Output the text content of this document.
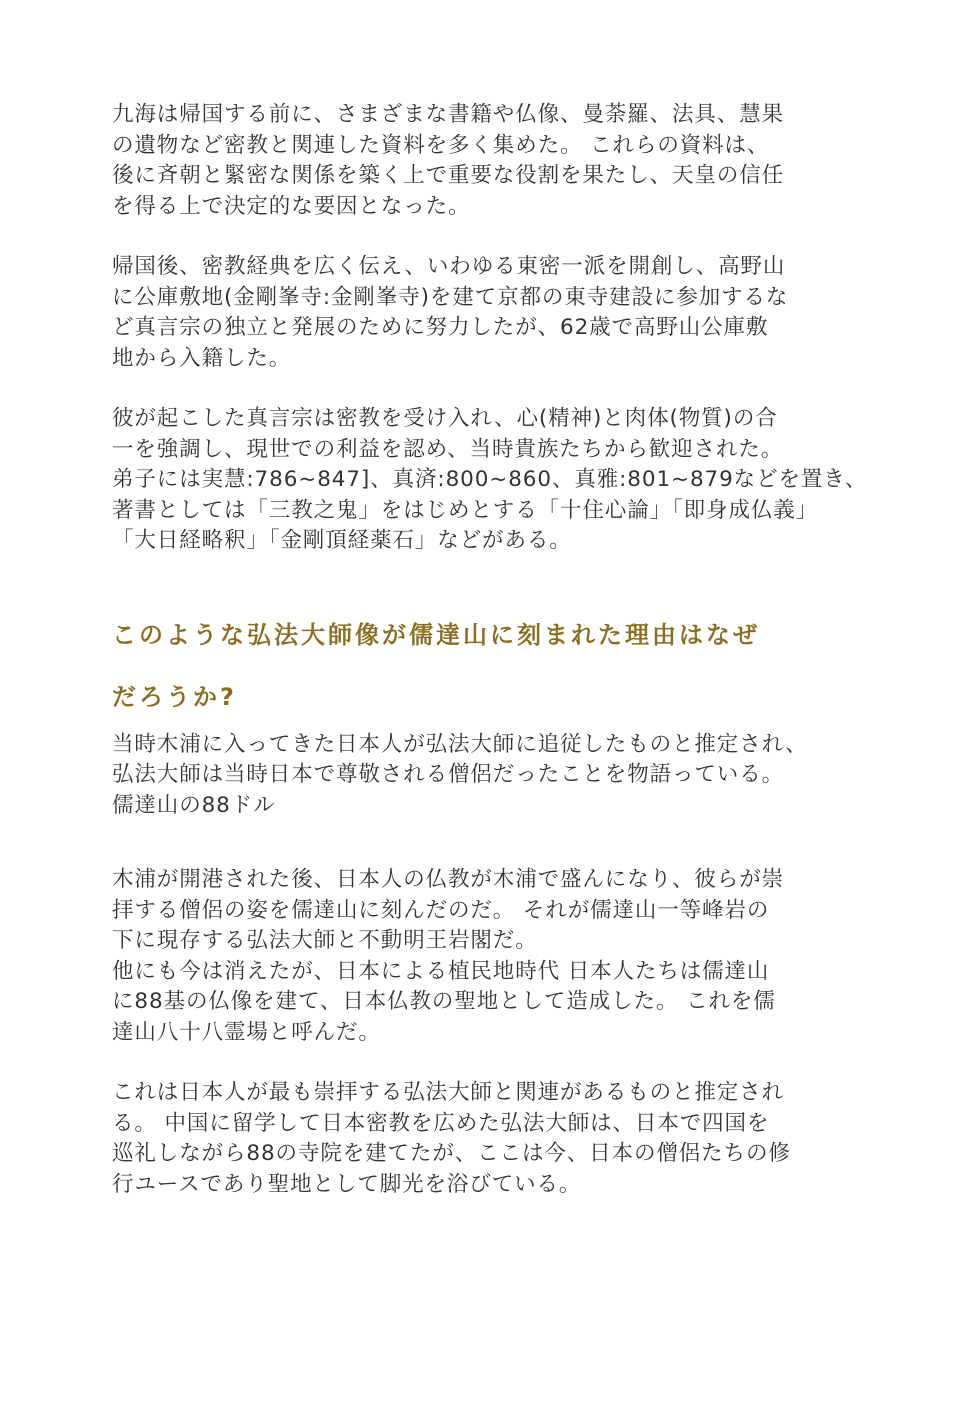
九海は帰国する前に、さまざまな書籍や仏像、曼荼羅、法具、慧果
の遺物など密教と関連した資料を多く集めた。 これらの資料は、
後に斉朝と緊密な関係を築く上で重要な役割を果たし、天皇の信任
を得る上で決定的な要因となった。
帰国後、密教経典を広く伝え、いわゆる東密一派を開創し、高野山
に公庫敷地(金剛峯寺:金剛峯寺)を建て京都の東寺建設に参加するな
ど真言宗の独立と発展のために努力したが、62歳で高野山公庫敷
地から入籍した。
彼が起こした真言宗は密教を受け入れ、心(精神)と肉体(物質)の合
一を強調し、現世での利益を認め、当時貴族たちから歓迎された。
弟子には実慧:786~847]、真済:800~860、真雅:801~879などを置き、
著書としては「三教之鬼」をはじめとする「十住心論」「即身成仏義」
「大日経略釈」「金剛頂経薬石」などがある。
このような弘法大師像が儒達山に刻まれた理由はなぜ
だろうか?
当時木浦に入ってきた日本人が弘法大師に追従したものと推定され、
弘法大師は当時日本で尊敬される僧侶だったことを物語っている。
儒達山の88ドル
木浦が開港された後、日本人の仏教が木浦で盛んになり、彼らが崇
拝する僧侶の姿を儒達山に刻んだのだ。 それが儒達山一等峰岩の
下に現存する弘法大師と不動明王岩閣だ。
他にも今は消えたが、日本による植民地時代 日本人たちは儒達山
に88基の仏像を建て、日本仏教の聖地として造成した。 これを儒
達山八十八霊場と呼んだ。
これは日本人が最も崇拝する弘法大師と関連があるものと推定され
る。 中国に留学して日本密教を広めた弘法大師は、日本で四国を
巡礼しながら88の寺院を建てたが、ここは今、日本の僧侶たちの修
行ユースであり聖地として脚光を浴びている。
